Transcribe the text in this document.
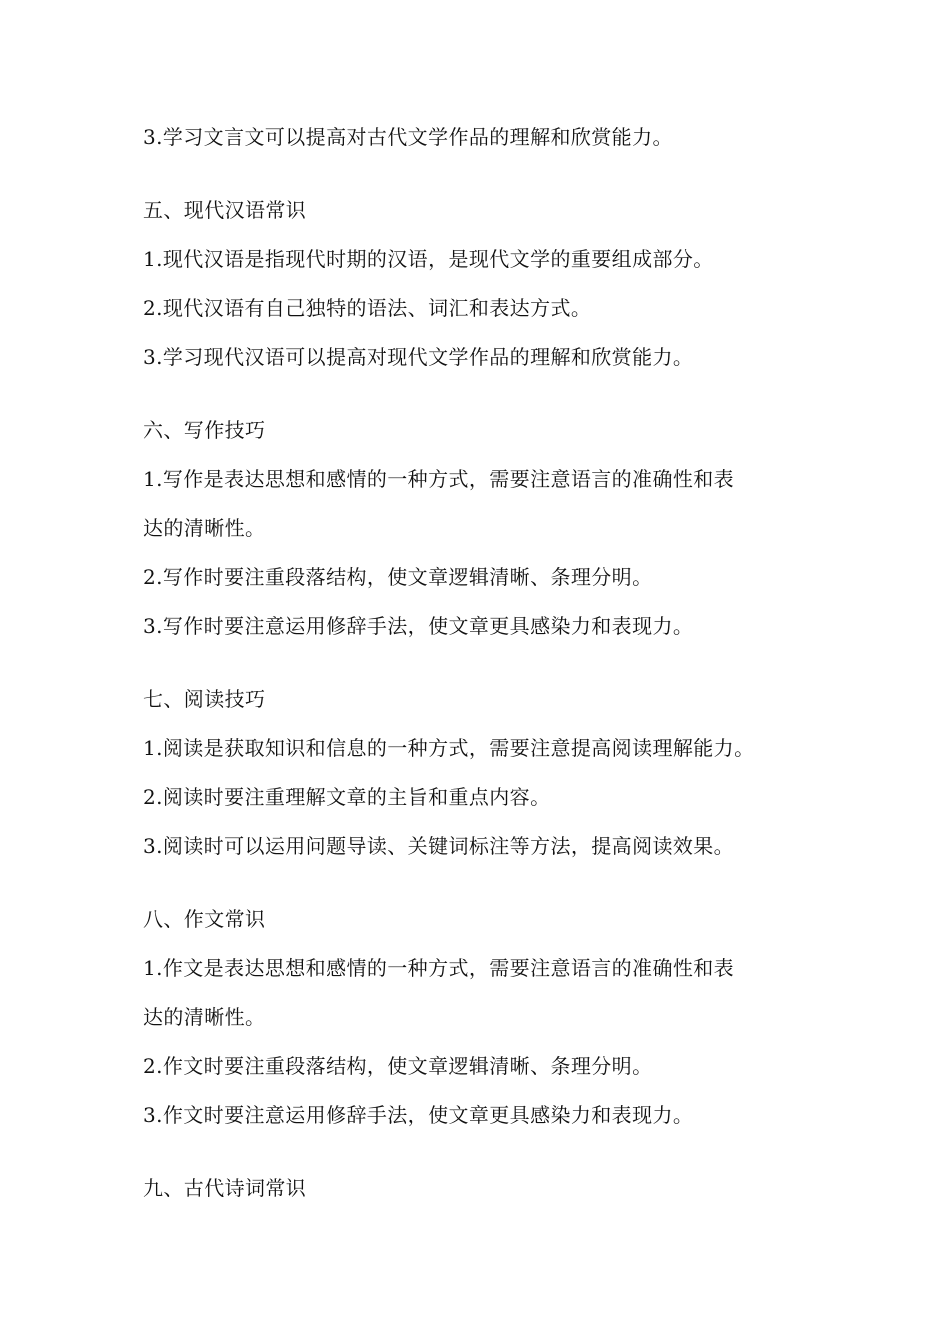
3.学习文言文可以提高对古代文学作品的理解和欣赏能力。
五、现代汉语常识
1.现代汉语是指现代时期的汉语，是现代文学的重要组成部分。
2.现代汉语有自己独特的语法、词汇和表达方式。
3.学习现代汉语可以提高对现代文学作品的理解和欣赏能力。
六、写作技巧
1.写作是表达思想和感情的一种方式，需要注意语言的准确性和表
达的清晰性。
2.写作时要注重段落结构，使文章逻辑清晰、条理分明。
3.写作时要注意运用修辞手法，使文章更具感染力和表现力。
七、阅读技巧
1.阅读是获取知识和信息的一种方式，需要注意提高阅读理解能力。
2.阅读时要注重理解文章的主旨和重点内容。
3.阅读时可以运用问题导读、关键词标注等方法，提高阅读效果。
八、作文常识
1.作文是表达思想和感情的一种方式，需要注意语言的准确性和表
达的清晰性。
2.作文时要注重段落结构，使文章逻辑清晰、条理分明。
3.作文时要注意运用修辞手法，使文章更具感染力和表现力。
九、古代诗词常识
